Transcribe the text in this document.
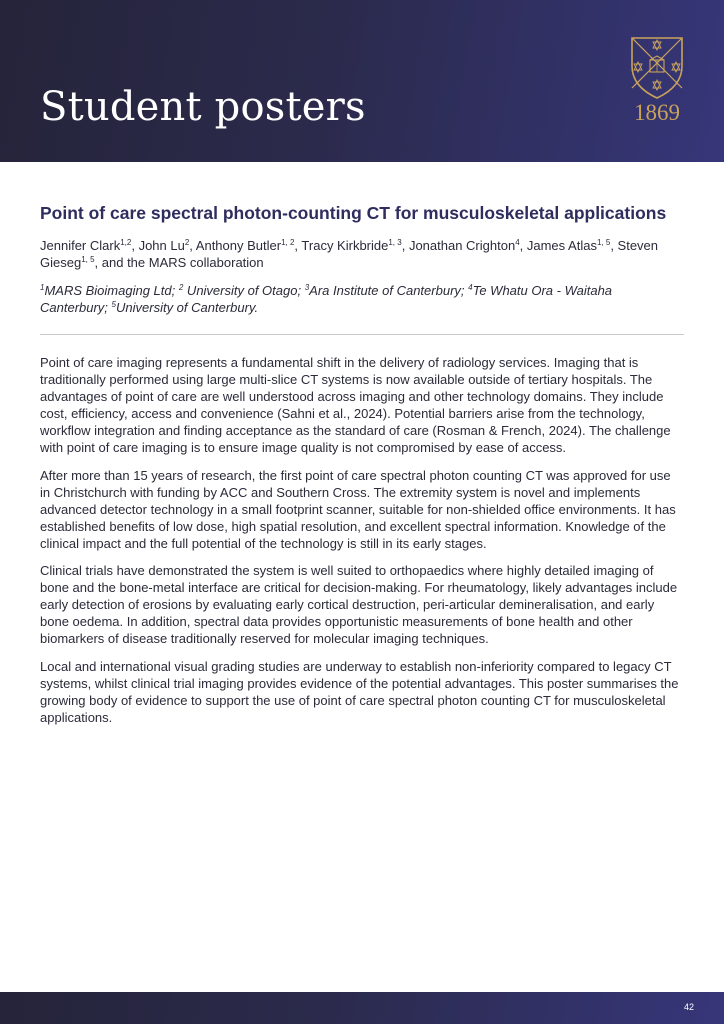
Student posters	1869
Point of care spectral photon-counting CT for musculoskeletal applications
Jennifer Clark$^{1,2}$, John Lu$^2$, Anthony Butler$^{1, 2}$, Tracy Kirkbride$^{1, 3}$, Jonathan Crighton$^4$, James Atlas$^{1, 5}$, Steven Gieseg$^{1, 5}$, and the MARS collaboration
$^1$MARS Bioimaging Ltd; $^2$ University of Otago; $^3$Ara Institute of Canterbury; $^4$Te Whatu Ora - Waitaha Canterbury; $^5$University of Canterbury.

Point of care imaging represents a fundamental shift in the delivery of radiology services. Imaging that is traditionally performed using large multi-slice CT systems is now available outside of tertiary hospitals. The advantages of point of care are well understood across imaging and other technology domains. They include cost, efficiency, access and convenience (Sahni et al., 2024). Potential barriers arise from the technology, workflow integration and finding acceptance as the standard of care (Rosman & French, 2024). The challenge with point of care imaging is to ensure image quality is not compromised by ease of access.

After more than 15 years of research, the first point of care spectral photon counting CT was approved for use in Christchurch with funding by ACC and Southern Cross. The extremity system is novel and implements advanced detector technology in a small footprint scanner, suitable for non-shielded office environments. It has established benefits of low dose, high spatial resolution, and excellent spectral information. Knowledge of the clinical impact and the full potential of the technology is still in its early stages.

Clinical trials have demonstrated the system is well suited to orthopaedics where highly detailed imaging of bone and the bone-metal interface are critical for decision-making. For rheumatology, likely advantages include early detection of erosions by evaluating early cortical destruction, peri-articular demineralisation, and early bone oedema. In addition, spectral data provides opportunistic measurements of bone health and other biomarkers of disease traditionally reserved for molecular imaging techniques.

Local and international visual grading studies are underway to establish non-inferiority compared to legacy CT systems, whilst clinical trial imaging provides evidence of the potential advantages. This poster summarises the growing body of evidence to support the use of point of care spectral photon counting CT for musculoskeletal applications.

42
